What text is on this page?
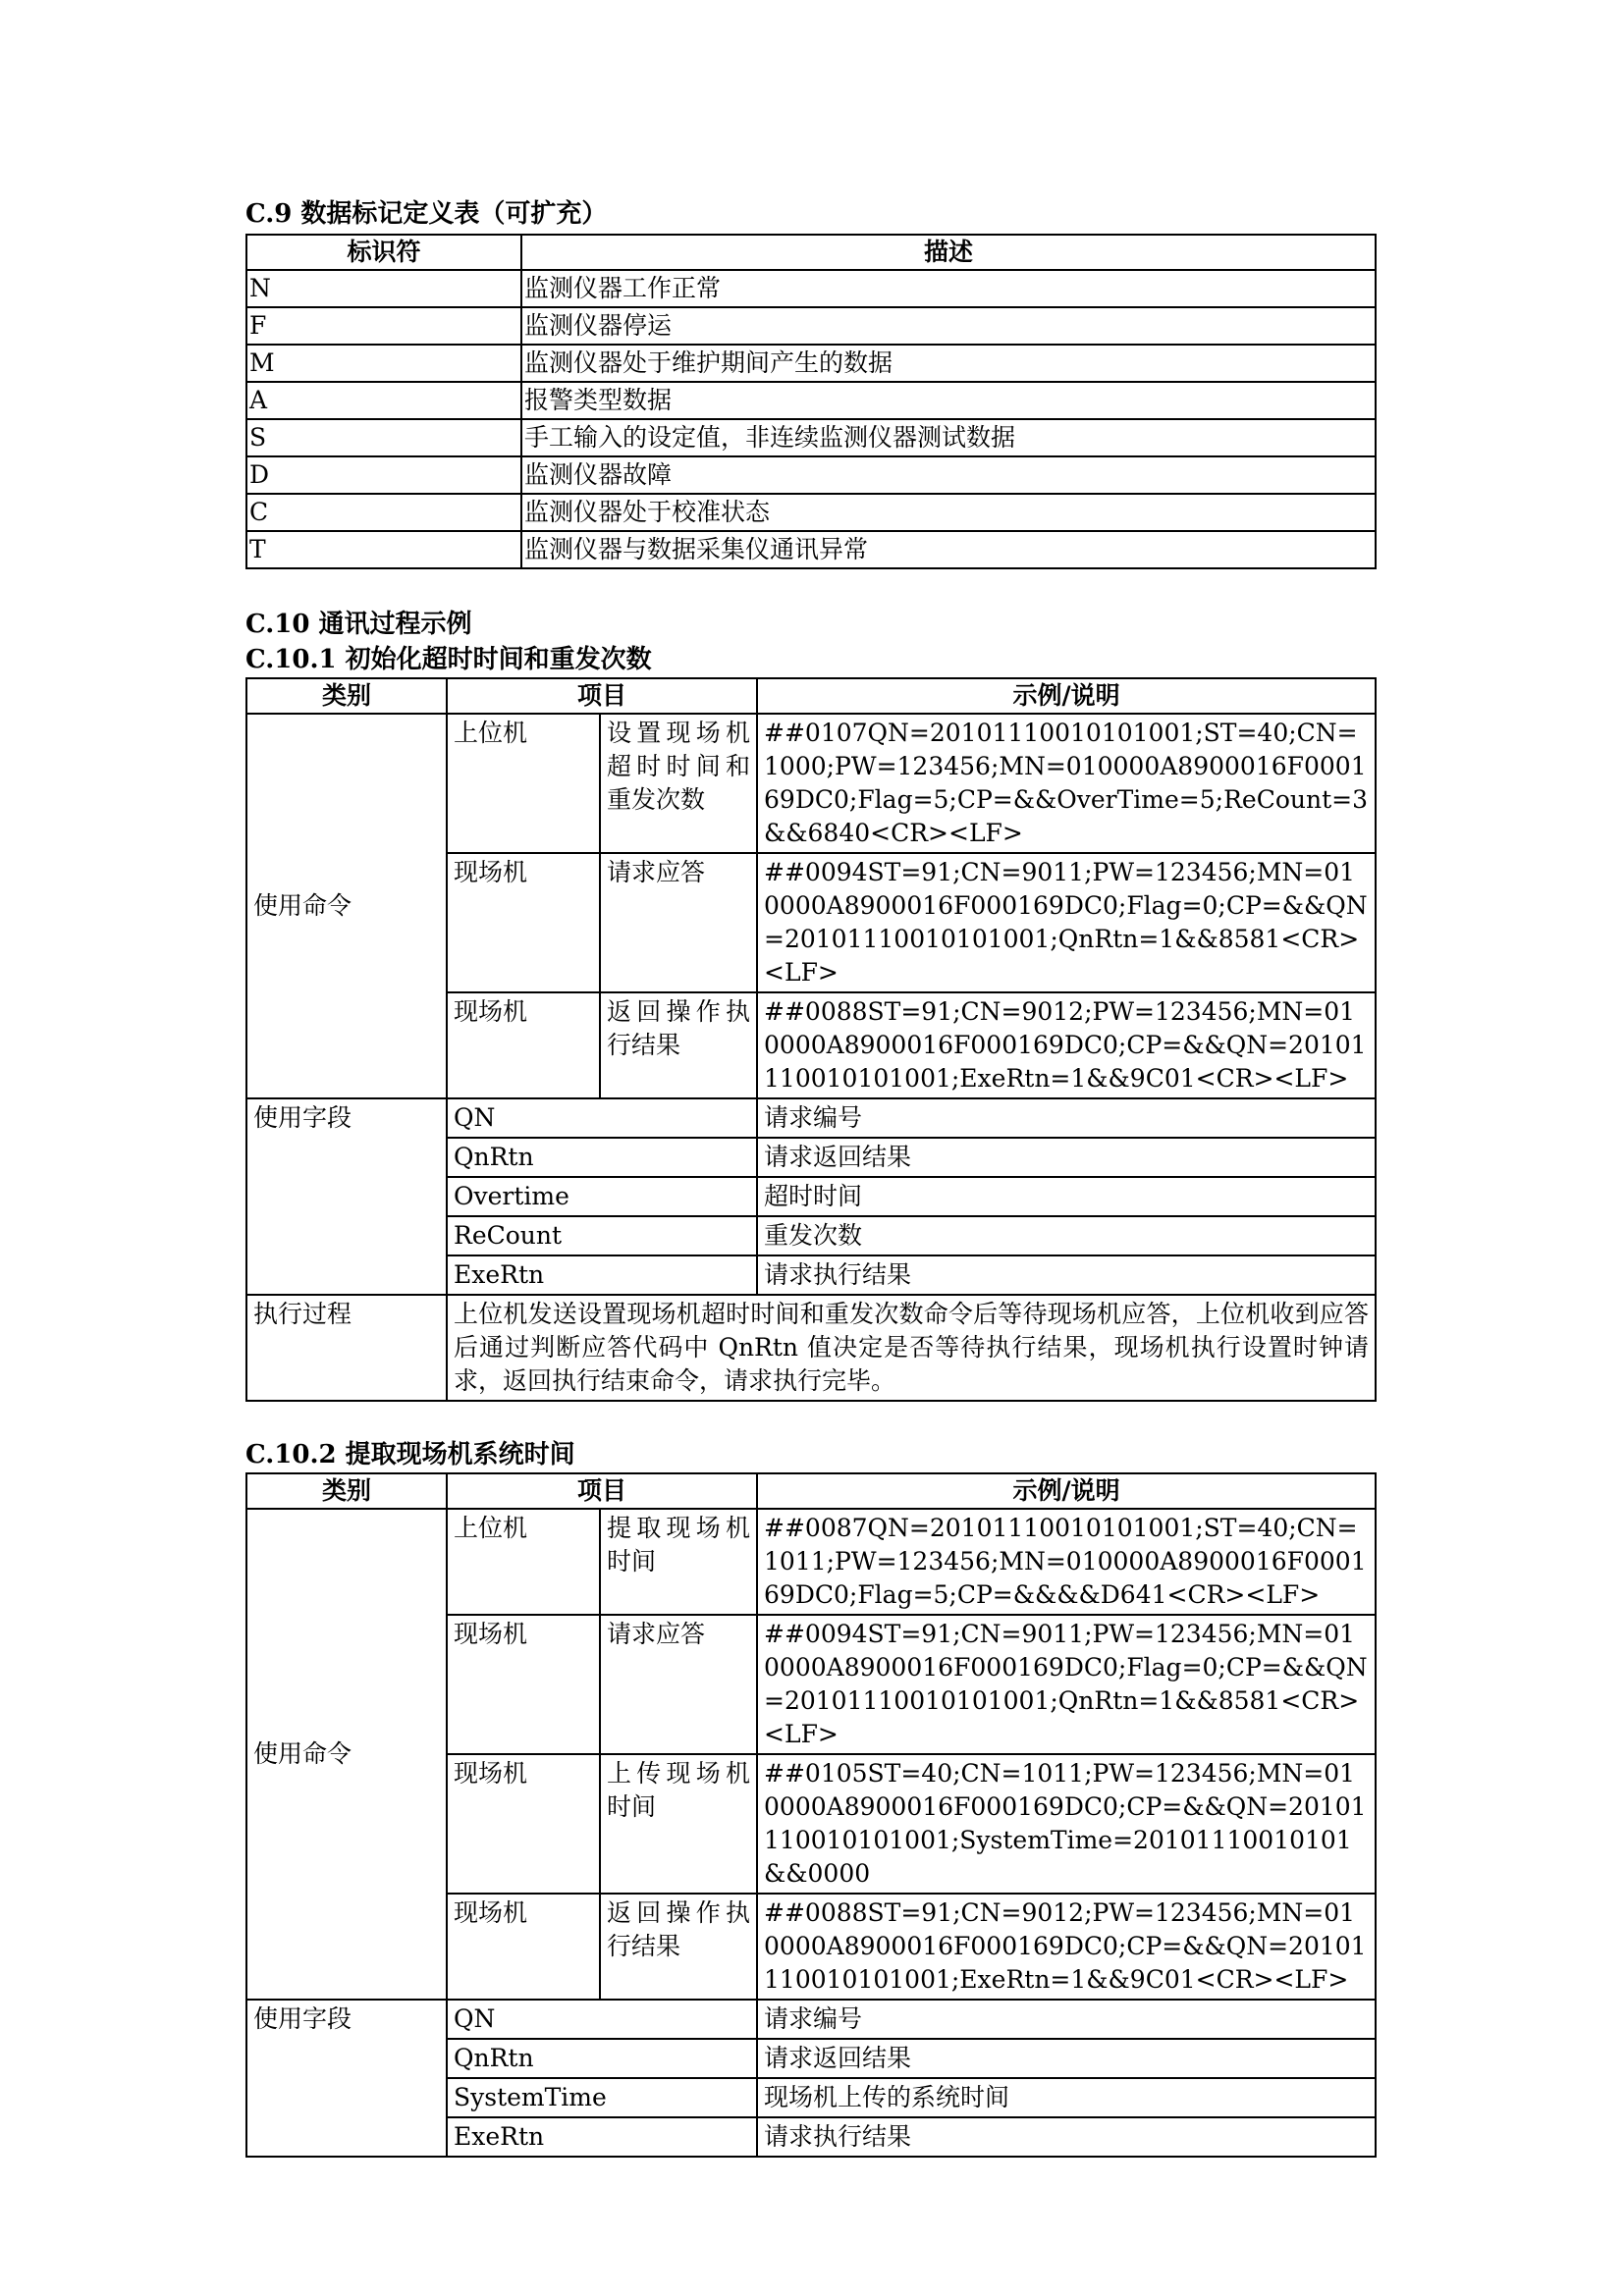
C.9 数据标记定义表（可扩充）
标识符	描述
N	监测仪器工作正常
F	监测仪器停运
M	监测仪器处于维护期间产生的数据
A	报警类型数据
S	手工输入的设定值，非连续监测仪器测试数据
D	监测仪器故障
C	监测仪器处于校准状态
T	监测仪器与数据采集仪通讯异常
C.10 通讯过程示例
C.10.1 初始化超时时间和重发次数
类别	项目		示例/说明
使用命令	上位机	设置现场机超时时间和重发次数	##0107QN=20101110010101001;ST=40;CN=1000;PW=123456;MN=010000A8900016F000169DC0;Flag=5;CP=&&OverTime=5;ReCount=3&&6840<CR><LF>
	现场机	请求应答	##0094ST=91;CN=9011;PW=123456;MN=010000A8900016F000169DC0;Flag=0;CP=&&QN=20101110010101001;QnRtn=1&&8581<CR><LF>
	现场机	返回操作执行结果	##0088ST=91;CN=9012;PW=123456;MN=010000A8900016F000169DC0;CP=&&QN=20101110010101001;ExeRtn=1&&9C01<CR><LF>
使用字段	QN		请求编号
	QnRtn		请求返回结果
	Overtime		超时时间
	ReCount		重发次数
	ExeRtn		请求执行结果
执行过程	上位机发送设置现场机超时时间和重发次数命令后等待现场机应答，上位机收到应答后通过判断应答代码中 QnRtn 值决定是否等待执行结果，现场机执行设置时钟请求，返回执行结束命令，请求执行完毕。		
C.10.2 提取现场机系统时间
类别	项目		示例/说明
使用命令	上位机	提取现场机时间	##0087QN=20101110010101001;ST=40;CN=1011;PW=123456;MN=010000A8900016F000169DC0;Flag=5;CP=&&&&D641<CR><LF>
	现场机	请求应答	##0094ST=91;CN=9011;PW=123456;MN=010000A8900016F000169DC0;Flag=0;CP=&&QN=20101110010101001;QnRtn=1&&8581<CR><LF>
	现场机	上传现场机时间	##0105ST=40;CN=1011;PW=123456;MN=010000A8900016F000169DC0;CP=&&QN=20101110010101001;SystemTime=20101110010101&&0000
	现场机	返回操作执行结果	##0088ST=91;CN=9012;PW=123456;MN=010000A8900016F000169DC0;CP=&&QN=20101110010101001;ExeRtn=1&&9C01<CR><LF>
使用字段	QN		请求编号
	QnRtn		请求返回结果
	SystemTime		现场机上传的系统时间
	ExeRtn		请求执行结果
